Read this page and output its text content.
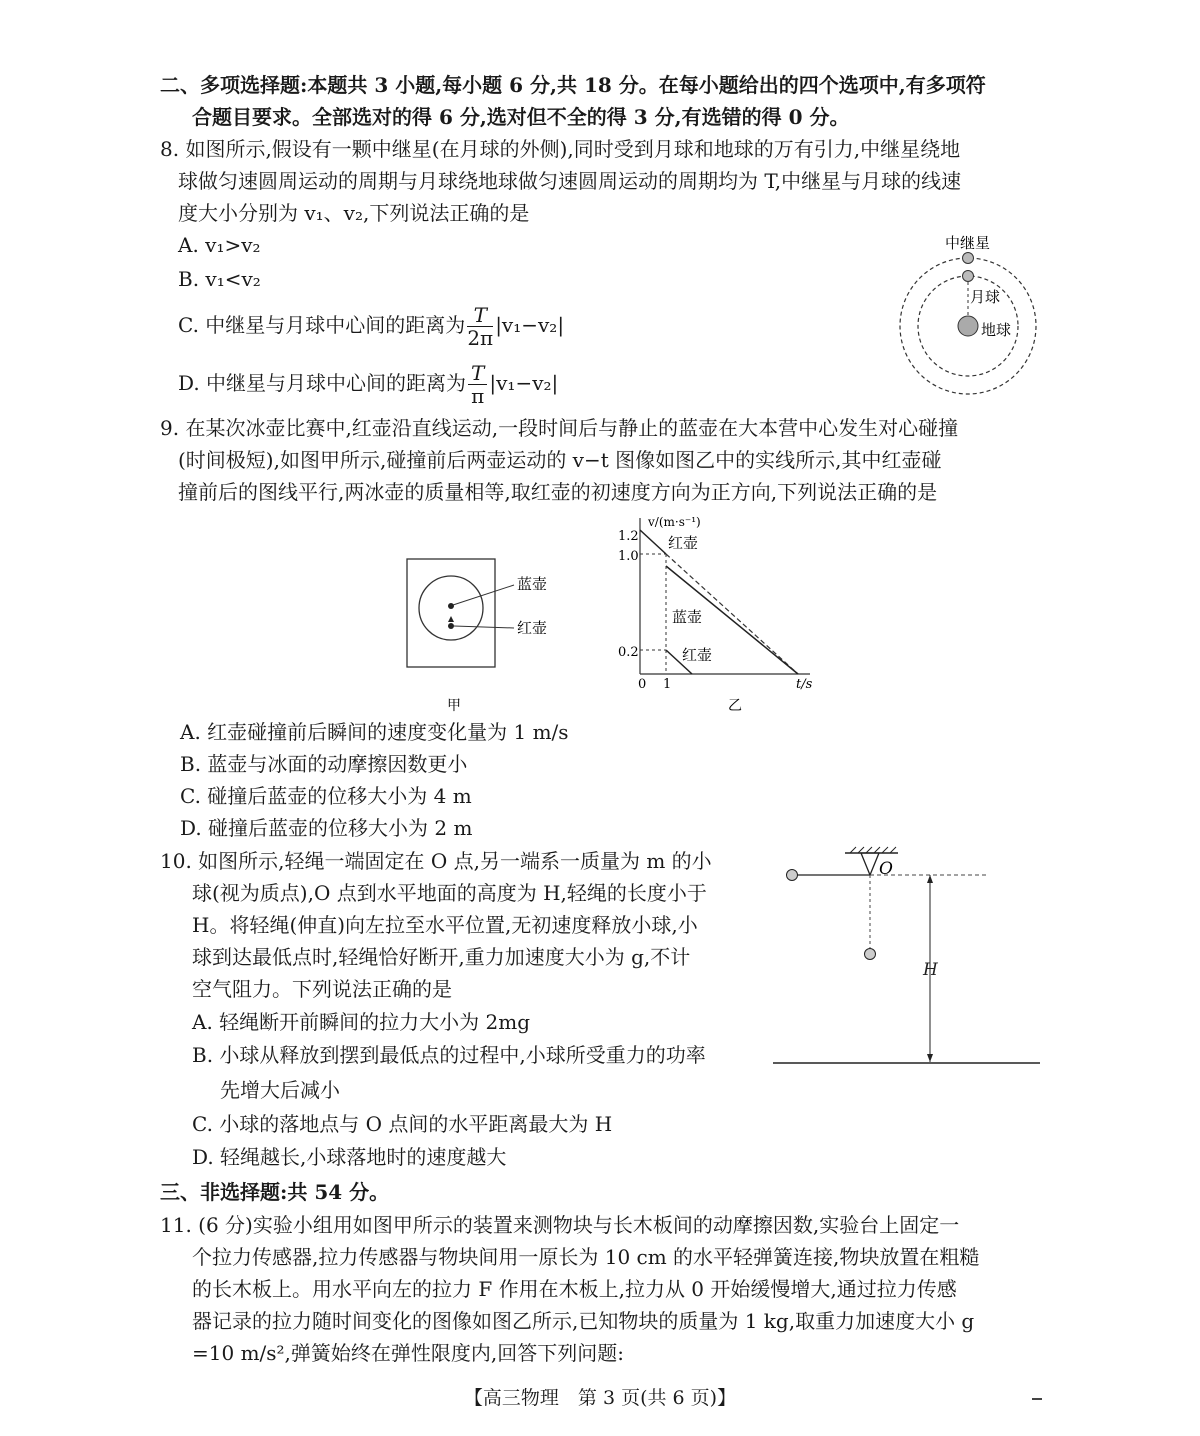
二、多项选择题:本题共 3 小题,每小题 6 分,共 18 分。在每小题给出的四个选项中,有多项符
合题目要求。全部选对的得 6 分,选对但不全的得 3 分,有选错的得 0 分。
8. 如图所示,假设有一颗中继星(在月球的外侧),同时受到月球和地球的万有引力,中继星绕地
球做匀速圆周运动的周期与月球绕地球做匀速圆周运动的周期均为 T,中继星与月球的线速
度大小分别为 v₁、v₂,下列说法正确的是
A. v₁>v₂
B. v₁<v₂
C. 中继星与月球中心间的距离为 $\frac{T}{2\pi} |v_1-v_2|$
D. 中继星与月球中心间的距离为 $\frac{T}{\pi} |v_1-v_2|$
中继星
月球
地球
9. 在某次冰壶比赛中,红壶沿直线运动,一段时间后与静止的蓝壶在大本营中心发生对心碰撞
(时间极短),如图甲所示,碰撞前后两壶运动的 v−t 图像如图乙中的实线所示,其中红壶碰
撞前后的图线平行,两冰壶的质量相等,取红壶的初速度方向为正方向,下列说法正确的是
蓝壶
红壶
甲
v/(m·s⁻¹)
t/s
1.2
1.0
0.2
0 1
红壶
蓝壶
红壶
乙
A. 红壶碰撞前后瞬间的速度变化量为 1 m/s
B. 蓝壶与冰面的动摩擦因数更小
C. 碰撞后蓝壶的位移大小为 4 m
D. 碰撞后蓝壶的位移大小为 2 m
10. 如图所示,轻绳一端固定在 O 点,另一端系一质量为 m 的小
球(视为质点),O 点到水平地面的高度为 H,轻绳的长度小于
H。将轻绳(伸直)向左拉至水平位置,无初速度释放小球,小
球到达最低点时,轻绳恰好断开,重力加速度大小为 g,不计
空气阻力。下列说法正确的是
A. 轻绳断开前瞬间的拉力大小为 2mg
B. 小球从释放到摆到最低点的过程中,小球所受重力的功率
先增大后减小
C. 小球的落地点与 O 点间的水平距离最大为 H
D. 轻绳越长,小球落地时的速度越大
O
H
三、非选择题:共 54 分。
11. (6 分)实验小组用如图甲所示的装置来测物块与长木板间的动摩擦因数,实验台上固定一
个拉力传感器,拉力传感器与物块间用一原长为 10 cm 的水平轻弹簧连接,物块放置在粗糙
的长木板上。用水平向左的拉力 F 作用在木板上,拉力从 0 开始缓慢增大,通过拉力传感
器记录的拉力随时间变化的图像如图乙所示,已知物块的质量为 1 kg,取重力加速度大小 g
=10 m/s²,弹簧始终在弹性限度内,回答下列问题:
【高三物理　第 3 页(共 6 页)】
